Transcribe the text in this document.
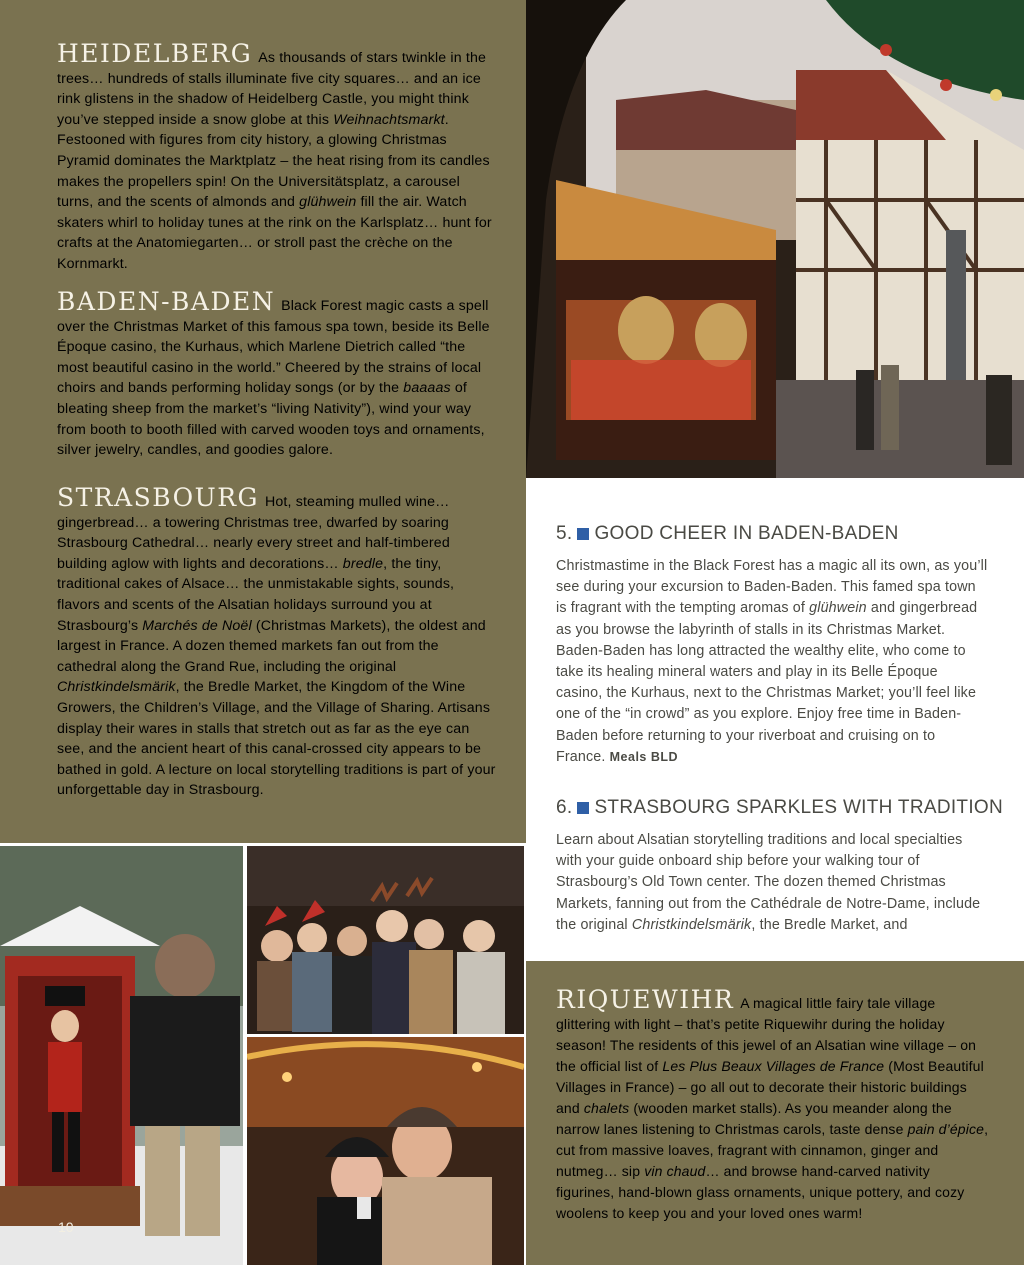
HEIDELBERG As thousands of stars twinkle in the trees… hundreds of stalls illuminate five city squares… and an ice rink glistens in the shadow of Heidelberg Castle, you might think you’ve stepped inside a snow globe at this Weihnachtsmarkt. Festooned with figures from city history, a glowing Christmas Pyramid dominates the Marktplatz – the heat rising from its candles makes the propellers spin! On the Universitätsplatz, a carousel turns, and the scents of almonds and glühwein fill the air. Watch skaters whirl to holiday tunes at the rink on the Karlsplatz… hunt for crafts at the Anatomiegarten… or stroll past the crèche on the Kornmarkt.
BADEN-BADEN Black Forest magic casts a spell over the Christmas Market of this famous spa town, beside its Belle Époque casino, the Kurhaus, which Marlene Dietrich called “the most beautiful casino in the world.” Cheered by the strains of local choirs and bands performing holiday songs (or by the baaaas of bleating sheep from the market’s “living Nativity”), wind your way from booth to booth filled with carved wooden toys and ornaments, silver jewelry, candles, and goodies galore.
STRASBOURG Hot, steaming mulled wine… gingerbread… a towering Christmas tree, dwarfed by soaring Strasbourg Cathedral… nearly every street and half-timbered building aglow with lights and decorations… bredle, the tiny, traditional cakes of Alsace… the unmistakable sights, sounds, flavors and scents of the Alsatian holidays surround you at Strasbourg’s Marchés de Noël (Christmas Markets), the oldest and largest in France. A dozen themed markets fan out from the cathedral along the Grand Rue, including the original Christkindelsmärik, the Bredle Market, the Kingdom of the Wine Growers, the Children’s Village, and the Village of Sharing. Artisans display their wares in stalls that stretch out as far as the eye can see, and the ancient heart of this canal-crossed city appears to be bathed in gold. A lecture on local storytelling traditions is part of your unforgettable day in Strasbourg.
5. GOOD CHEER IN BADEN-BADEN
Christmastime in the Black Forest has a magic all its own, as you’ll see during your excursion to Baden-Baden. This famed spa town is fragrant with the tempting aromas of glühwein and gingerbread as you browse the labyrinth of stalls in its Christmas Market. Baden-Baden has long attracted the wealthy elite, who come to take its healing mineral waters and play in its Belle Époque casino, the Kurhaus, next to the Christmas Market; you’ll feel like one of the “in crowd” as you explore. Enjoy free time in Baden-Baden before returning to your riverboat and cruising on to France. Meals BLD
6. STRASBOURG SPARKLES WITH TRADITION
Learn about Alsatian storytelling traditions and local specialties with your guide onboard ship before your walking tour of Strasbourg’s Old Town center. The dozen themed Christmas Markets, fanning out from the Cathédrale de Notre-Dame, include the original Christkindelsmärik, the Bredle Market, and
RIQUEWIHR A magical little fairy tale village glittering with light – that’s petite Riquewihr during the holiday season! The residents of this jewel of an Alsatian wine village – on the official list of Les Plus Beaux Villages de France (Most Beautiful Villages in France) – go all out to decorate their historic buildings and chalets (wooden market stalls). As you meander along the narrow lanes listening to Christmas carols, taste dense pain d’épice, cut from massive loaves, fragrant with cinnamon, ginger and nutmeg… sip vin chaud… and browse hand-carved nativity figurines, hand-blown glass ornaments, unique pottery, and cozy woolens to keep you and your loved ones warm!
10
